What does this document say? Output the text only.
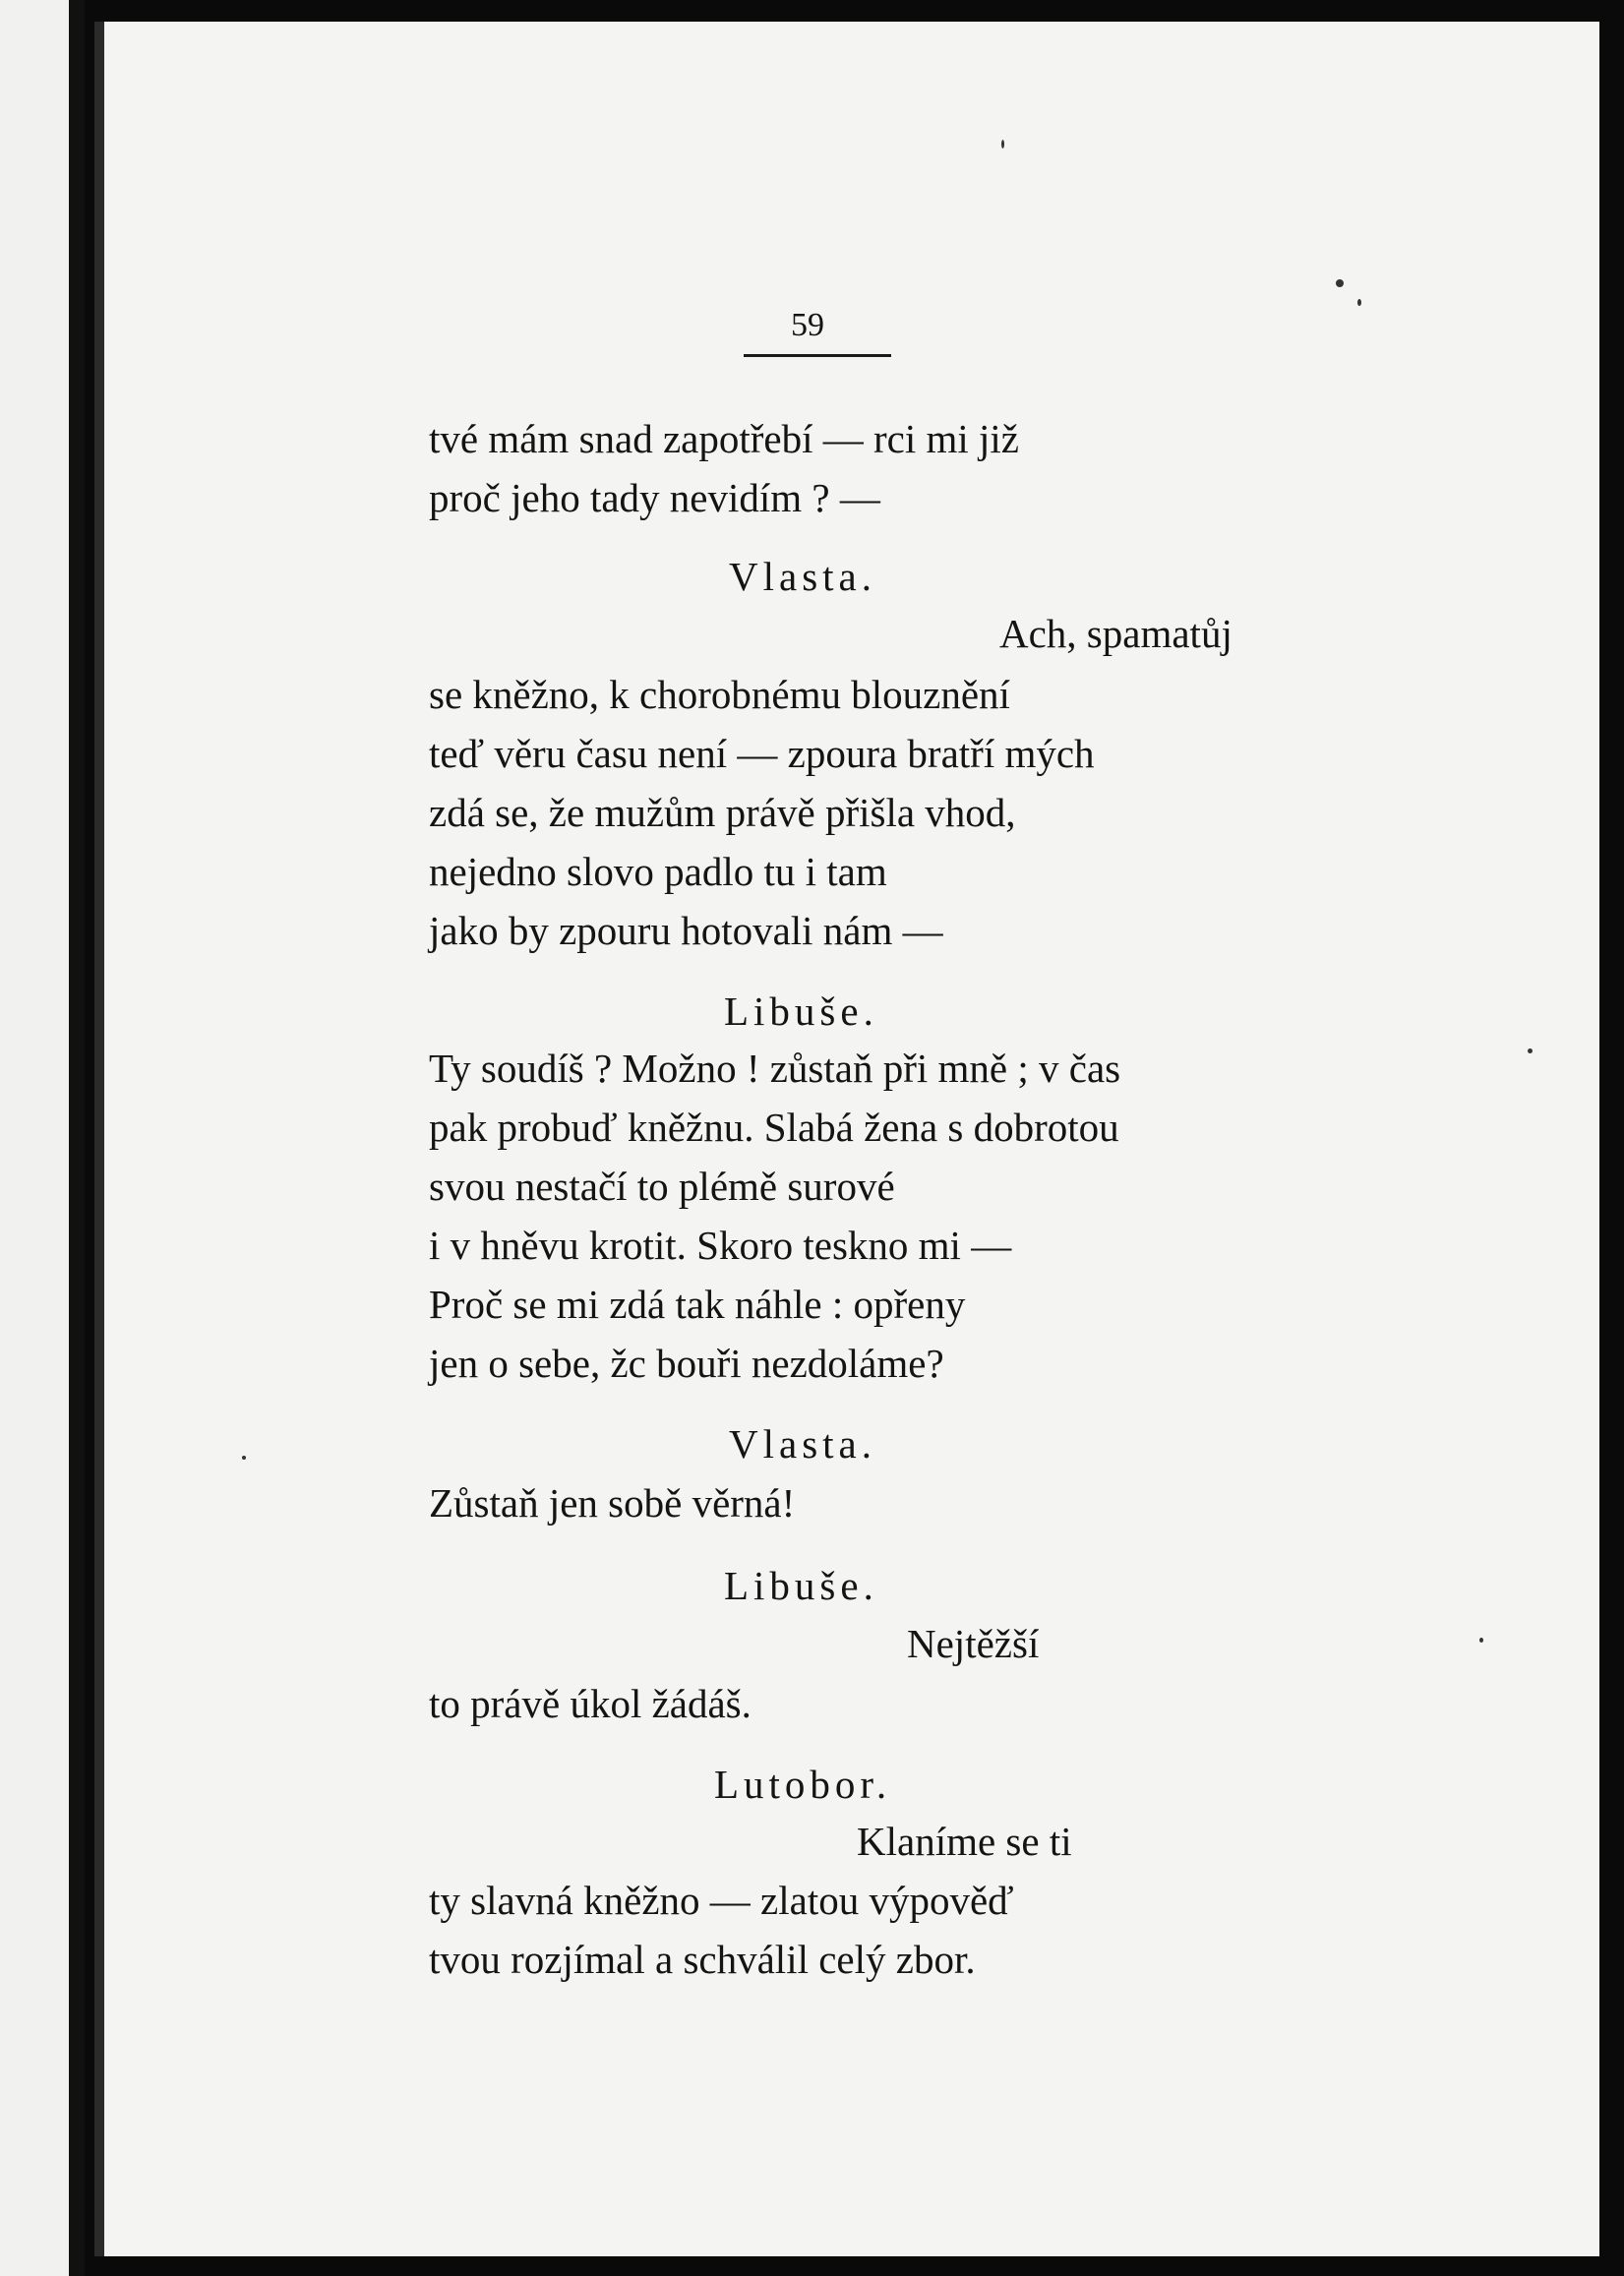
59
tvé mám snad zapotřebí — rci mi již
proč jeho tady nevidím ? —
Vlasta.
Ach, spamatůj
se kněžno, k chorobnému blouznění
teď věru času není — zpoura bratří mých
zdá se, že mužům právě přišla vhod,
nejedno slovo padlo tu i tam
jako by zpouru hotovali nám —
Libuše.
Ty soudíš ? Možno ! zůstaň při mně ; v čas
pak probuď kněžnu. Slabá žena s dobrotou
svou nestačí to plémě surové
i v hněvu krotit. Skoro teskno mi —
Proč se mi zdá tak náhle : opřeny
jen o sebe, žc bouři nezdoláme?
Vlasta.
Zůstaň jen sobě věrná!
Libuše.
Nejtěžší
to právě úkol žádáš.
Lutobor.
Klaníme se ti
ty slavná kněžno — zlatou výpověď
tvou rozjímal a schválil celý zbor.
